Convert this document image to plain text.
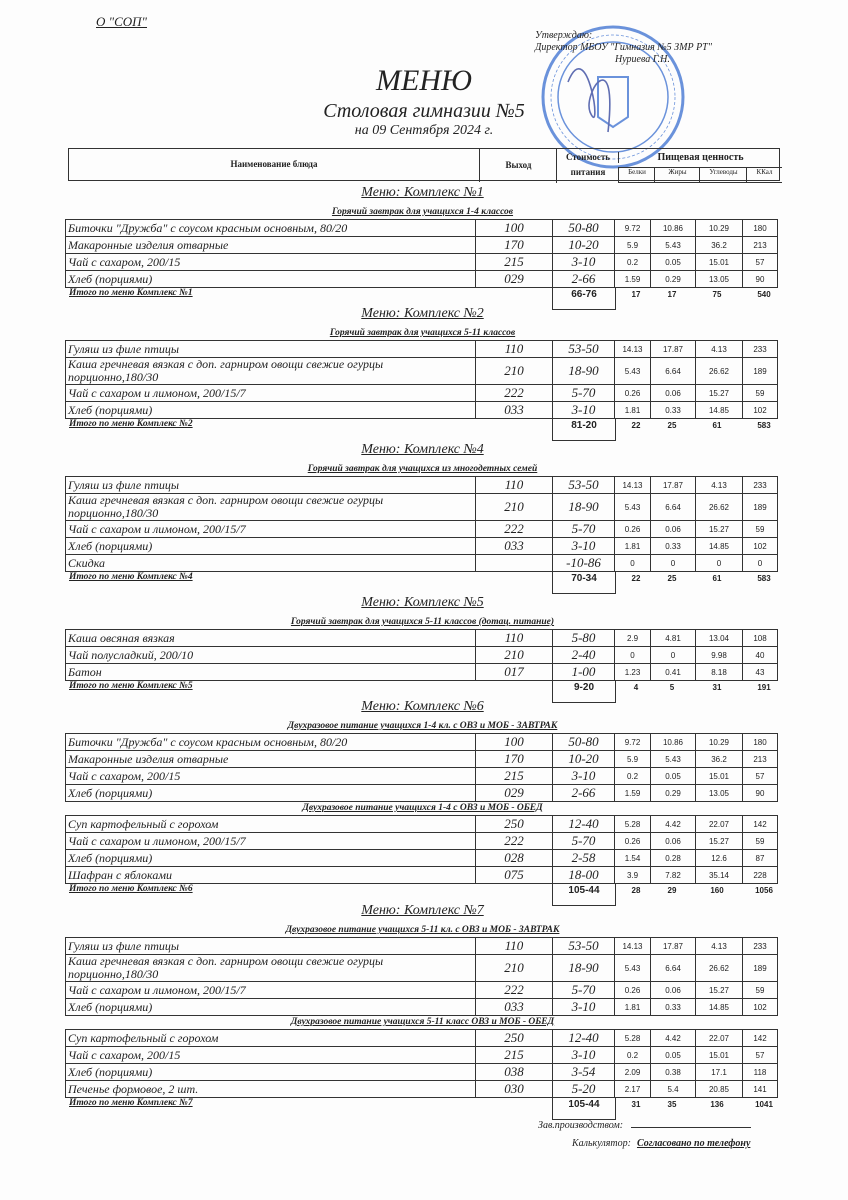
О "СОП"
Утверждаю:
Директор МБОУ "Гимназия №5 ЗМР РТ"
Нуриева Г.Н.
МЕНЮ
Столовая гимназии №5
на 09 Сентября 2024 г.
Наименование блюда	Выход
Стоимость питания
Пищевая ценность
Белки	Жиры	Углеводы	ККал
Меню: Комплекс №1
Горячий завтрак для учащихся 1-4 классов
Биточки "Дружба" с соусом красным основным, 80/20	100	50-80	9.72	10.86	10.29	180
Макаронные изделия отварные	170	10-20	5.9	5.43	36.2	213
Чай с сахаром, 200/15	215	3-10	0.2	0.05	15.01	57
Хлеб (порциями)	029	2-66	1.59	0.29	13.05	90
Итого по меню Комплекс №1	66-76	17	17	75	540
Меню: Комплекс №2
Горячий завтрак для учащихся 5-11 классов
Гуляш из филе птицы	110	53-50	14.13	17.87	4.13	233
Каша гречневая вязкая с доп. гарниром овощи свежие огурцы порционно,180/30	210	18-90	5.43	6.64	26.62	189
Чай с сахаром и лимоном, 200/15/7	222	5-70	0.26	0.06	15.27	59
Хлеб (порциями)	033	3-10	1.81	0.33	14.85	102
Итого по меню Комплекс №2	81-20	22	25	61	583
Меню: Комплекс №4
Горячий завтрак для учащихся из многодетных семей
Гуляш из филе птицы	110	53-50	14.13	17.87	4.13	233
Каша гречневая вязкая с доп. гарниром овощи свежие огурцы порционно,180/30	210	18-90	5.43	6.64	26.62	189
Чай с сахаром и лимоном, 200/15/7	222	5-70	0.26	0.06	15.27	59
Хлеб (порциями)	033	3-10	1.81	0.33	14.85	102
Скидка		-10-86	0	0	0	0
Итого по меню Комплекс №4	70-34	22	25	61	583
Меню: Комплекс №5
Горячий завтрак для учащихся 5-11 классов (дотац. питание)
Каша овсяная вязкая	110	5-80	2.9	4.81	13.04	108
Чай полусладкий, 200/10	210	2-40	0	0	9.98	40
Батон	017	1-00	1.23	0.41	8.18	43
Итого по меню Комплекс №5	9-20	4	5	31	191
Меню: Комплекс №6
Двухразовое питание учащихся 1-4 кл. с ОВЗ и МОБ - ЗАВТРАК
Биточки "Дружба" с соусом красным основным, 80/20	100	50-80	9.72	10.86	10.29	180
Макаронные изделия отварные	170	10-20	5.9	5.43	36.2	213
Чай с сахаром, 200/15	215	3-10	0.2	0.05	15.01	57
Хлеб (порциями)	029	2-66	1.59	0.29	13.05	90
Двухразовое питание учащихся 1-4 с ОВЗ и МОБ - ОБЕД
Суп картофельный с горохом	250	12-40	5.28	4.42	22.07	142
Чай с сахаром и лимоном, 200/15/7	222	5-70	0.26	0.06	15.27	59
Хлеб (порциями)	028	2-58	1.54	0.28	12.6	87
Шафран с яблоками	075	18-00	3.9	7.82	35.14	228
Итого по меню Комплекс №6	105-44	28	29	160	1056
Меню: Комплекс №7
Двухразовое питание учащихся 5-11 кл. с ОВЗ и МОБ - ЗАВТРАК
Гуляш из филе птицы	110	53-50	14.13	17.87	4.13	233
Каша гречневая вязкая с доп. гарниром овощи свежие огурцы порционно,180/30	210	18-90	5.43	6.64	26.62	189
Чай с сахаром и лимоном, 200/15/7	222	5-70	0.26	0.06	15.27	59
Хлеб (порциями)	033	3-10	1.81	0.33	14.85	102
Двухразовое питание учащихся 5-11 класс ОВЗ и МОБ - ОБЕД
Суп картофельный с горохом	250	12-40	5.28	4.42	22.07	142
Чай с сахаром, 200/15	215	3-10	0.2	0.05	15.01	57
Хлеб (порциями)	038	3-54	2.09	0.38	17.1	118
Печенье формовое, 2 шт.	030	5-20	2.17	5.4	20.85	141
Итого по меню Комплекс №7	105-44	31	35	136	1041
Зав.производством:
Калькулятор: Согласовано по телефону
